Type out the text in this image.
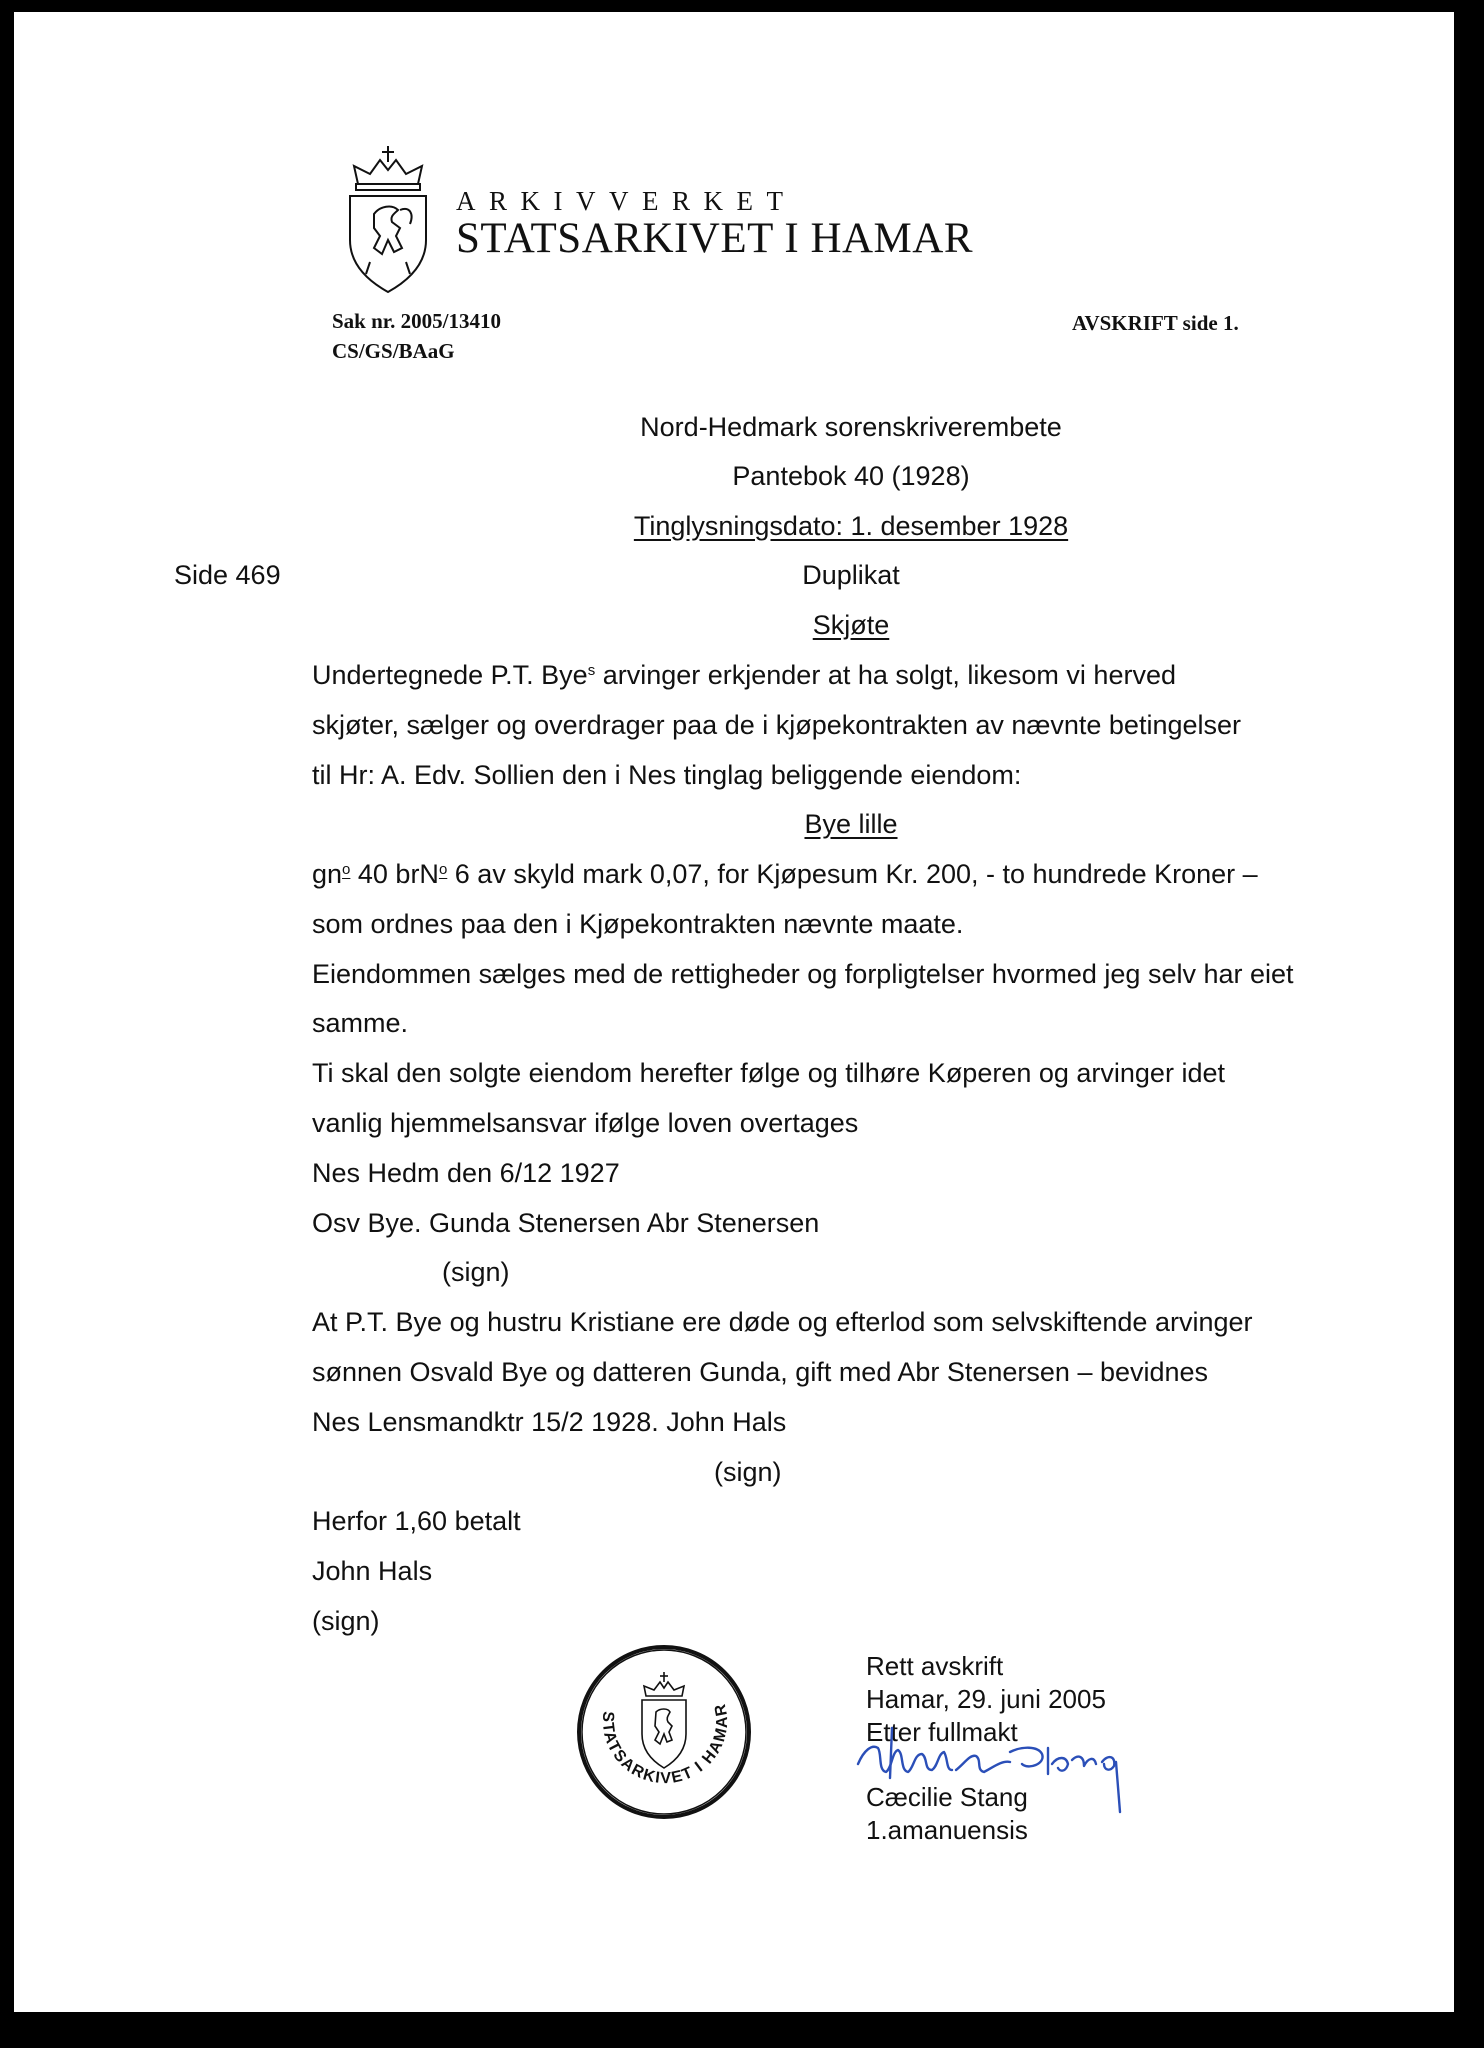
ARKIVVERKET
STATSARKIVET I HAMAR
Sak nr. 2005/13410
CS/GS/BAaG
AVSKRIFT side 1.
Nord-Hedmark sorenskriverembete
Pantebok 40 (1928)
Tinglysningsdato: 1. desember 1928
Side 469	Duplikat
Skjøte
Undertegnede P.T. Bye$^s$ arvinger erkjender at ha solgt, likesom vi herved
skjøter, sælger og overdrager paa de i kjøpekontrakten av nævnte betingelser
til Hr: A. Edv. Sollien den i Nes tinglag beliggende eiendom:
Bye lille
$gn^o$ 40 brN$^o$ 6 av skyld mark 0,07, for Kjøpesum Kr. 200, - to hundrede Kroner –
som ordnes paa den i Kjøpekontrakten nævnte maate.
Eiendommen sælges med de rettigheder og forpligtelser hvormed jeg selv har eiet
samme.
Ti skal den solgte eiendom herefter følge og tilhøre Køperen og arvinger idet
vanlig hjemmelsansvar ifølge loven overtages
Nes Hedm den 6/12 1927
Osv Bye. Gunda Stenersen Abr Stenersen
(sign)
At P.T. Bye og hustru Kristiane ere døde og efterlod som selvskiftende arvinger
sønnen Osvald Bye og datteren Gunda, gift med Abr Stenersen – bevidnes
Nes Lensmandktr 15/2 1928. John Hals
(sign)
Herfor 1,60 betalt
John Hals
(sign)
STATSARKIVET I HAMAR
Rett avskrift
Hamar, 29. juni 2005
Etter fullmakt
Cæcilie Stang
1.amanuensis
